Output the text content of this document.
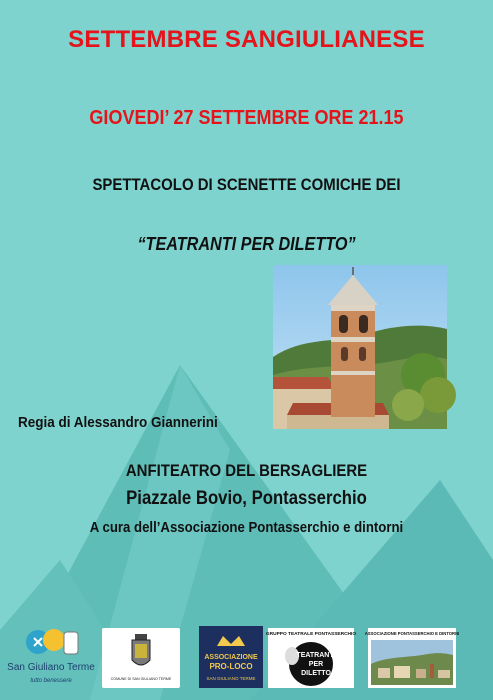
SETTEMBRE SANGIULIANESE
GIOVEDI’ 27 SETTEMBRE ORE 21.15
SPETTACOLO DI SCENETTE COMICHE DEI
“TEATRANTI PER DILETTO”
Regia di Alessandro Giannerini
ANFITEATRO DEL BERSAGLIERE
Piazzale Bovio, Pontasserchio
A cura dell’Associazione Pontasserchio e dintorni
San Giuliano Terme
tutto benessere	COMUNE DI SAN GIULIANO TERME
ASSOCIAZIONE
PRO-LOCO
SAN GIULIANO TERME
GRUPPO TEATRALE PONTASSERCHIO
TEATRANTI
PER
DILETTO
ASSOCIAZIONE PONTASSERCHIO E DINTORNI
